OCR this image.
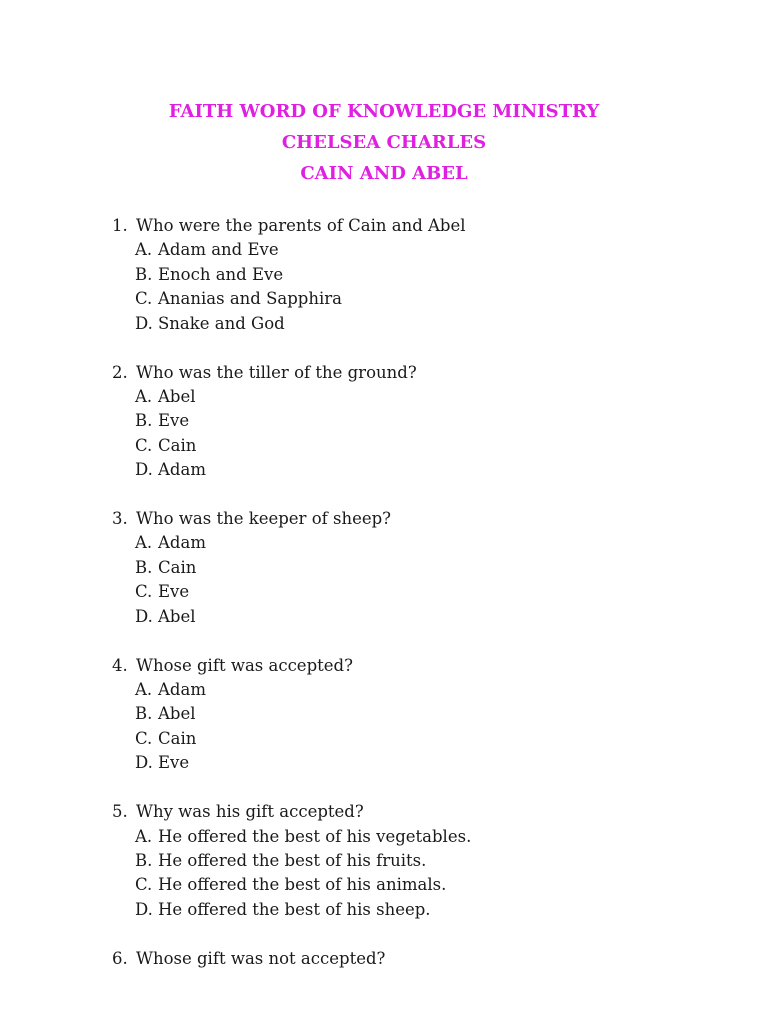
FAITH WORD OF KNOWLEDGE MINISTRY
CHELSEA CHARLES
CAIN AND ABEL
1. Who were the parents of Cain and Abel
A. Adam and Eve
B. Enoch and Eve
C. Ananias and Sapphira
D. Snake and God
2. Who was the tiller of the ground?
A. Abel
B. Eve
C. Cain
D. Adam
3. Who was the keeper of sheep?
A. Adam
B. Cain
C. Eve
D. Abel
4. Whose gift was accepted?
A. Adam
B. Abel
C. Cain
D. Eve
5. Why was his gift accepted?
A. He offered the best of his vegetables.
B. He offered the best of his fruits.
C. He offered the best of his animals.
D. He offered the best of his sheep.
6. Whose gift was not accepted?
